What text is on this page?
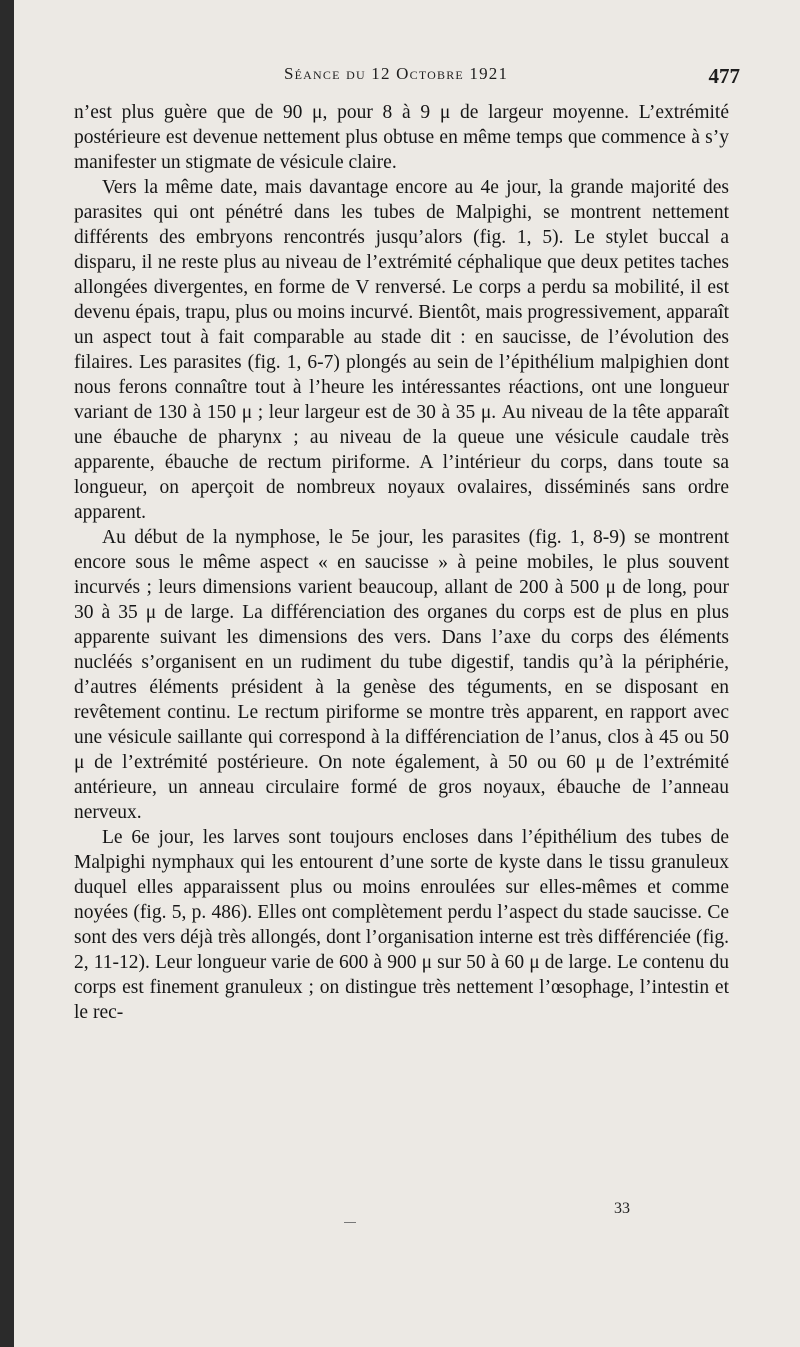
Séance du 12 Octobre 1921	477

n’est plus guère que de 90 μ, pour 8 à 9 μ de largeur moyenne. L’extrémité postérieure est devenue nettement plus obtuse en même temps que commence à s’y manifester un stigmate de vésicule claire.

Vers la même date, mais davantage encore au 4e jour, la grande majorité des parasites qui ont pénétré dans les tubes de Malpighi, se montrent nettement différents des embryons rencontrés jusqu’alors (fig. 1, 5). Le stylet buccal a disparu, il ne reste plus au niveau de l’extrémité céphalique que deux petites taches allongées divergentes, en forme de V renversé. Le corps a perdu sa mobilité, il est devenu épais, trapu, plus ou moins incurvé. Bientôt, mais progressivement, apparaît un aspect tout à fait comparable au stade dit : en saucisse, de l’évolution des filaires. Les parasites (fig. 1, 6-7) plongés au sein de l’épithélium malpighien dont nous ferons connaître tout à l’heure les intéressantes réactions, ont une longueur variant de 130 à 150 μ ; leur largeur est de 30 à 35 μ. Au niveau de la tête apparaît une ébauche de pharynx ; au niveau de la queue une vésicule caudale très apparente, ébauche de rectum piriforme. A l’intérieur du corps, dans toute sa longueur, on aperçoit de nombreux noyaux ovalaires, disséminés sans ordre apparent.

Au début de la nymphose, le 5e jour, les parasites (fig. 1, 8-9) se montrent encore sous le même aspect « en saucisse » à peine mobiles, le plus souvent incurvés ; leurs dimensions varient beaucoup, allant de 200 à 500 μ de long, pour 30 à 35 μ de large. La différenciation des organes du corps est de plus en plus apparente suivant les dimensions des vers. Dans l’axe du corps des éléments nucléés s’organisent en un rudiment du tube digestif, tandis qu’à la périphérie, d’autres éléments président à la genèse des téguments, en se disposant en revêtement continu. Le rectum piriforme se montre très apparent, en rapport avec une vésicule saillante qui correspond à la différenciation de l’anus, clos à 45 ou 50 μ de l’extrémité postérieure. On note également, à 50 ou 60 μ de l’extrémité antérieure, un anneau circulaire formé de gros noyaux, ébauche de l’anneau nerveux.

Le 6e jour, les larves sont toujours encloses dans l’épithélium des tubes de Malpighi nymphaux qui les entourent d’une sorte de kyste dans le tissu granuleux duquel elles apparaissent plus ou moins enroulées sur elles-mêmes et comme noyées (fig. 5, p. 486). Elles ont complètement perdu l’aspect du stade saucisse. Ce sont des vers déjà très allongés, dont l’organisation interne est très différenciée (fig. 2, 11-12). Leur longueur varie de 600 à 900 μ sur 50 à 60 μ de large. Le contenu du corps est finement granuleux ; on distingue très nettement l’œsophage, l’intestin et le rec-

33
